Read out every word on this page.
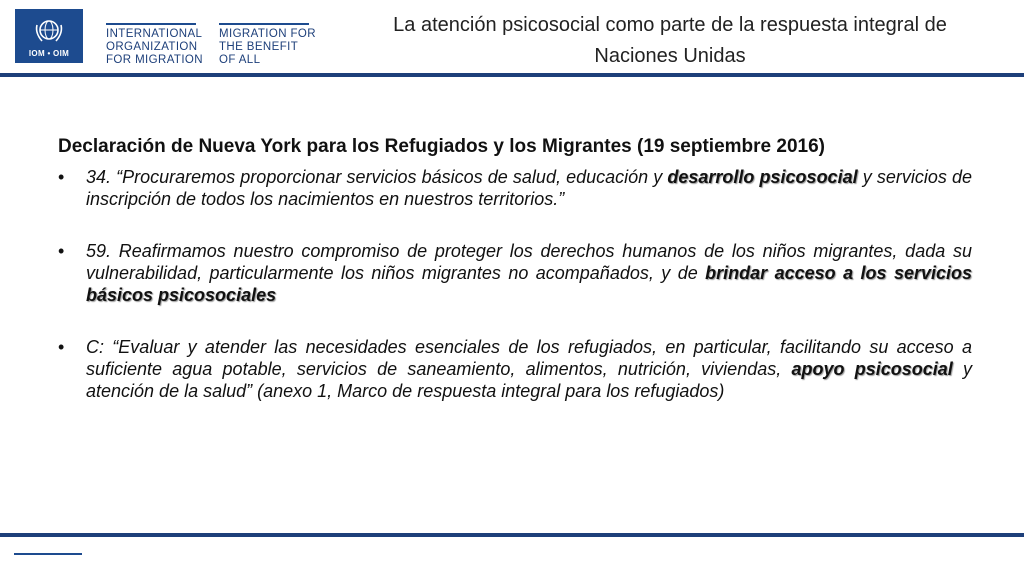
IOM • OIM

INTERNATIONAL
ORGANIZATION
FOR MIGRATION

MIGRATION FOR
THE BENEFIT
OF ALL

La atención psicosocial como parte de la respuesta integral de Naciones Unidas

Declaración de Nueva York para los Refugiados y los Migrantes (19 septiembre 2016)

• 34. “Procuraremos proporcionar servicios básicos de salud, educación y desarrollo psicosocial y servicios de inscripción de todos los nacimientos en nuestros territorios.”
• 59. Reafirmamos nuestro compromiso de proteger los derechos humanos de los niños migrantes, dada su vulnerabilidad, particularmente los niños migrantes no acompañados, y de brindar acceso a los servicios básicos psicosociales
• C: “Evaluar y atender las necesidades esenciales de los refugiados, en particular, facilitando su acceso a suficiente agua potable, servicios de saneamiento, alimentos, nutrición, viviendas, apoyo psicosocial y atención de la salud” (anexo 1, Marco de respuesta integral para los refugiados)
